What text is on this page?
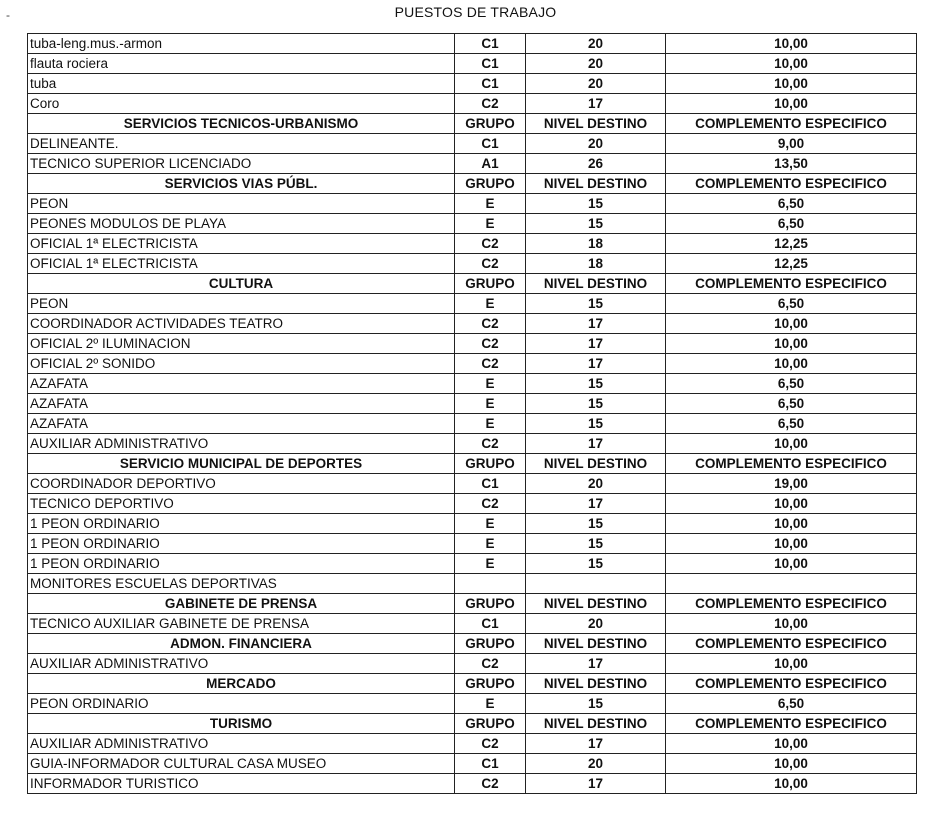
-	PUESTOS DE TRABAJO
tuba-leng.mus.-armon	C1	20	10,00
flauta rociera	C1	20	10,00
tuba	C1	20	10,00
Coro	C2	17	10,00
SERVICIOS TECNICOS-URBANISMO	GRUPO	NIVEL DESTINO	COMPLEMENTO ESPECIFICO
DELINEANTE.	C1	20	9,00
TECNICO SUPERIOR LICENCIADO	A1	26	13,50
SERVICIOS VIAS PÚBL.	GRUPO	NIVEL DESTINO	COMPLEMENTO ESPECIFICO
PEON	E	15	6,50
PEONES MODULOS DE PLAYA	E	15	6,50
OFICIAL 1ª ELECTRICISTA	C2	18	12,25
OFICIAL 1ª ELECTRICISTA	C2	18	12,25
CULTURA	GRUPO	NIVEL DESTINO	COMPLEMENTO ESPECIFICO
PEON	E	15	6,50
COORDINADOR ACTIVIDADES TEATRO	C2	17	10,00
OFICIAL 2º ILUMINACION	C2	17	10,00
OFICIAL 2º SONIDO	C2	17	10,00
AZAFATA	E	15	6,50
AZAFATA	E	15	6,50
AZAFATA	E	15	6,50
AUXILIAR ADMINISTRATIVO	C2	17	10,00
SERVICIO MUNICIPAL DE DEPORTES	GRUPO	NIVEL DESTINO	COMPLEMENTO ESPECIFICO
COORDINADOR DEPORTIVO	C1	20	19,00
TECNICO DEPORTIVO	C2	17	10,00
1 PEON ORDINARIO	E	15	10,00
1 PEON ORDINARIO	E	15	10,00
1 PEON ORDINARIO	E	15	10,00
MONITORES ESCUELAS DEPORTIVAS			
GABINETE DE PRENSA	GRUPO	NIVEL DESTINO	COMPLEMENTO ESPECIFICO
TECNICO AUXILIAR GABINETE DE PRENSA	C1	20	10,00
ADMON. FINANCIERA	GRUPO	NIVEL DESTINO	COMPLEMENTO ESPECIFICO
AUXILIAR ADMINISTRATIVO	C2	17	10,00
MERCADO	GRUPO	NIVEL DESTINO	COMPLEMENTO ESPECIFICO
PEON ORDINARIO	E	15	6,50
TURISMO	GRUPO	NIVEL DESTINO	COMPLEMENTO ESPECIFICO
AUXILIAR ADMINISTRATIVO	C2	17	10,00
GUIA-INFORMADOR CULTURAL CASA MUSEO	C1	20	10,00
INFORMADOR TURISTICO	C2	17	10,00
